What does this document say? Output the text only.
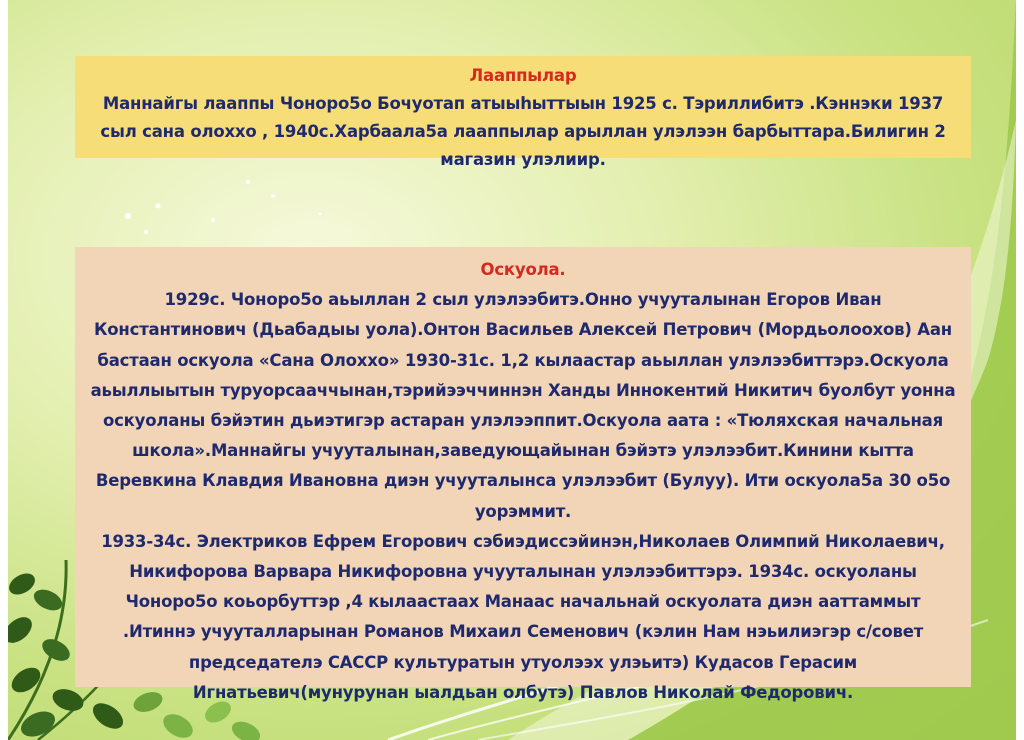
Лааппылар
Маннайгы лааппы Чоноро5о Бочуотап атыыһыттыын 1925 с. Тэриллибитэ .Кэннэки 1937 сыл сана олохxо , 1940с.Харбаала5а лааппылар арыллан улэлээн барбыттара.Билигин 2 магазин улэлиир.
Оскуола.
1929с. Чоноро5о аьыллан 2 сыл улэлээбитэ.Онно учууталынан Егоров Иван Константинович (Дьабадыы уола).Онтон Васильев Алексей Петрович (Мордьолоохов) Аан бастаан оскуола «Сана Олохxо» 1930-31с. 1,2 кылаастар аьыллан улэлээбиттэрэ.Оскуола аьыллыытын туруорсааччынан,тэрийээччиннэн Ханды Иннокентий Никитич буолбут уонна оскуоланы бэйэтин дьиэтигэр астаран улэлээппит.Оскуола аата : «Тюляхская начальная школа».Маннайгы учууталынан,заведующайынан бэйэтэ улэлээбит.Кинини кытта Веревкина Клавдия Ивановна диэн учууталынса улэлээбит (Булуу). Ити оскуола5а 30 о5о уорэммит.
1933-34с. Электриков Ефрем Егорович сэбиэдиссэйинэн,Николаев Олимпий Николаевич, Никифорова Варвара Никифоровна учууталынан улэлээбиттэрэ. 1934с. оскуоланы Чоноро5о коьорбуттэр ,4 кылаастаах Манаас начальнай оскуолата диэн ааттаммыт .Итиннэ учууталларынан Романов Михаил Семенович (кэлин Нам нэьилиэгэр с/совет председателэ САССР культуратын утуолээх улэьитэ) Кудасов Герасим Игнатьевич(мунурунан ыалдьан олбутэ) Павлов Николай Федорович.
